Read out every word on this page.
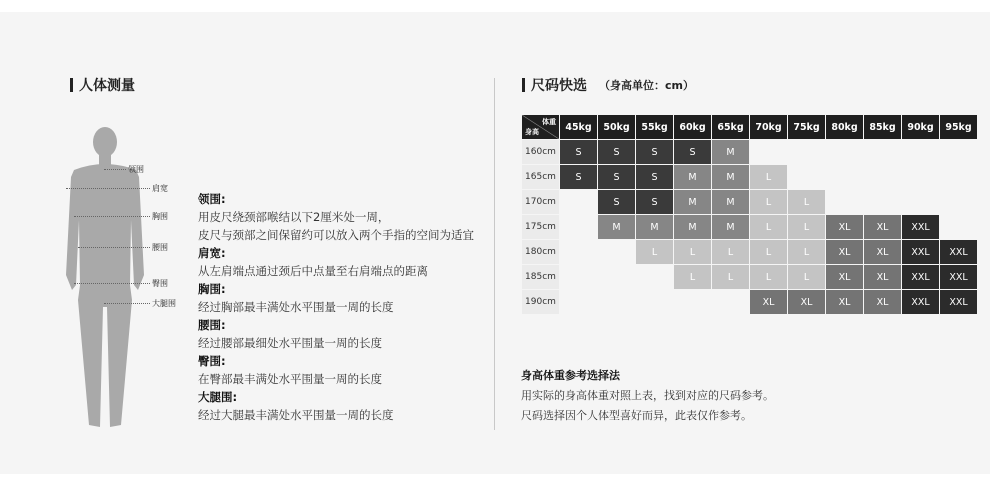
人体测量
领围
肩宽
胸围
腰围
臀围
大腿围
领围:
用皮尺绕颈部喉结以下2厘米处一周，
皮尺与颈部之间保留约可以放入两个手指的空间为适宜
肩宽:
从左肩端点通过颈后中点量至右肩端点的距离
胸围:
经过胸部最丰满处水平围量一周的长度
腰围:
经过腰部最细处水平围量一周的长度
臀围:
在臀部最丰满处水平围量一周的长度
大腿围:
经过大腿最丰满处水平围量一周的长度
尺码快选 （身高单位：cm）
体重
身高	45kg	50kg	55kg	60kg	65kg	70kg	75kg	80kg	85kg	90kg	95kg
160cm	S	S	S	S	M						
165cm	S	S	S	M	M	L					
170cm		S	S	M	M	L	L				
175cm		M	M	M	M	L	L	XL	XL	XXL	
180cm			L	L	L	L	L	XL	XL	XXL	XXL
185cm				L	L	L	L	XL	XL	XXL	XXL
190cm						XL	XL	XL	XL	XXL	XXL
身高体重参考选择法
用实际的身高体重对照上表，找到对应的尺码参考。
尺码选择因个人体型喜好而异，此表仅作参考。
